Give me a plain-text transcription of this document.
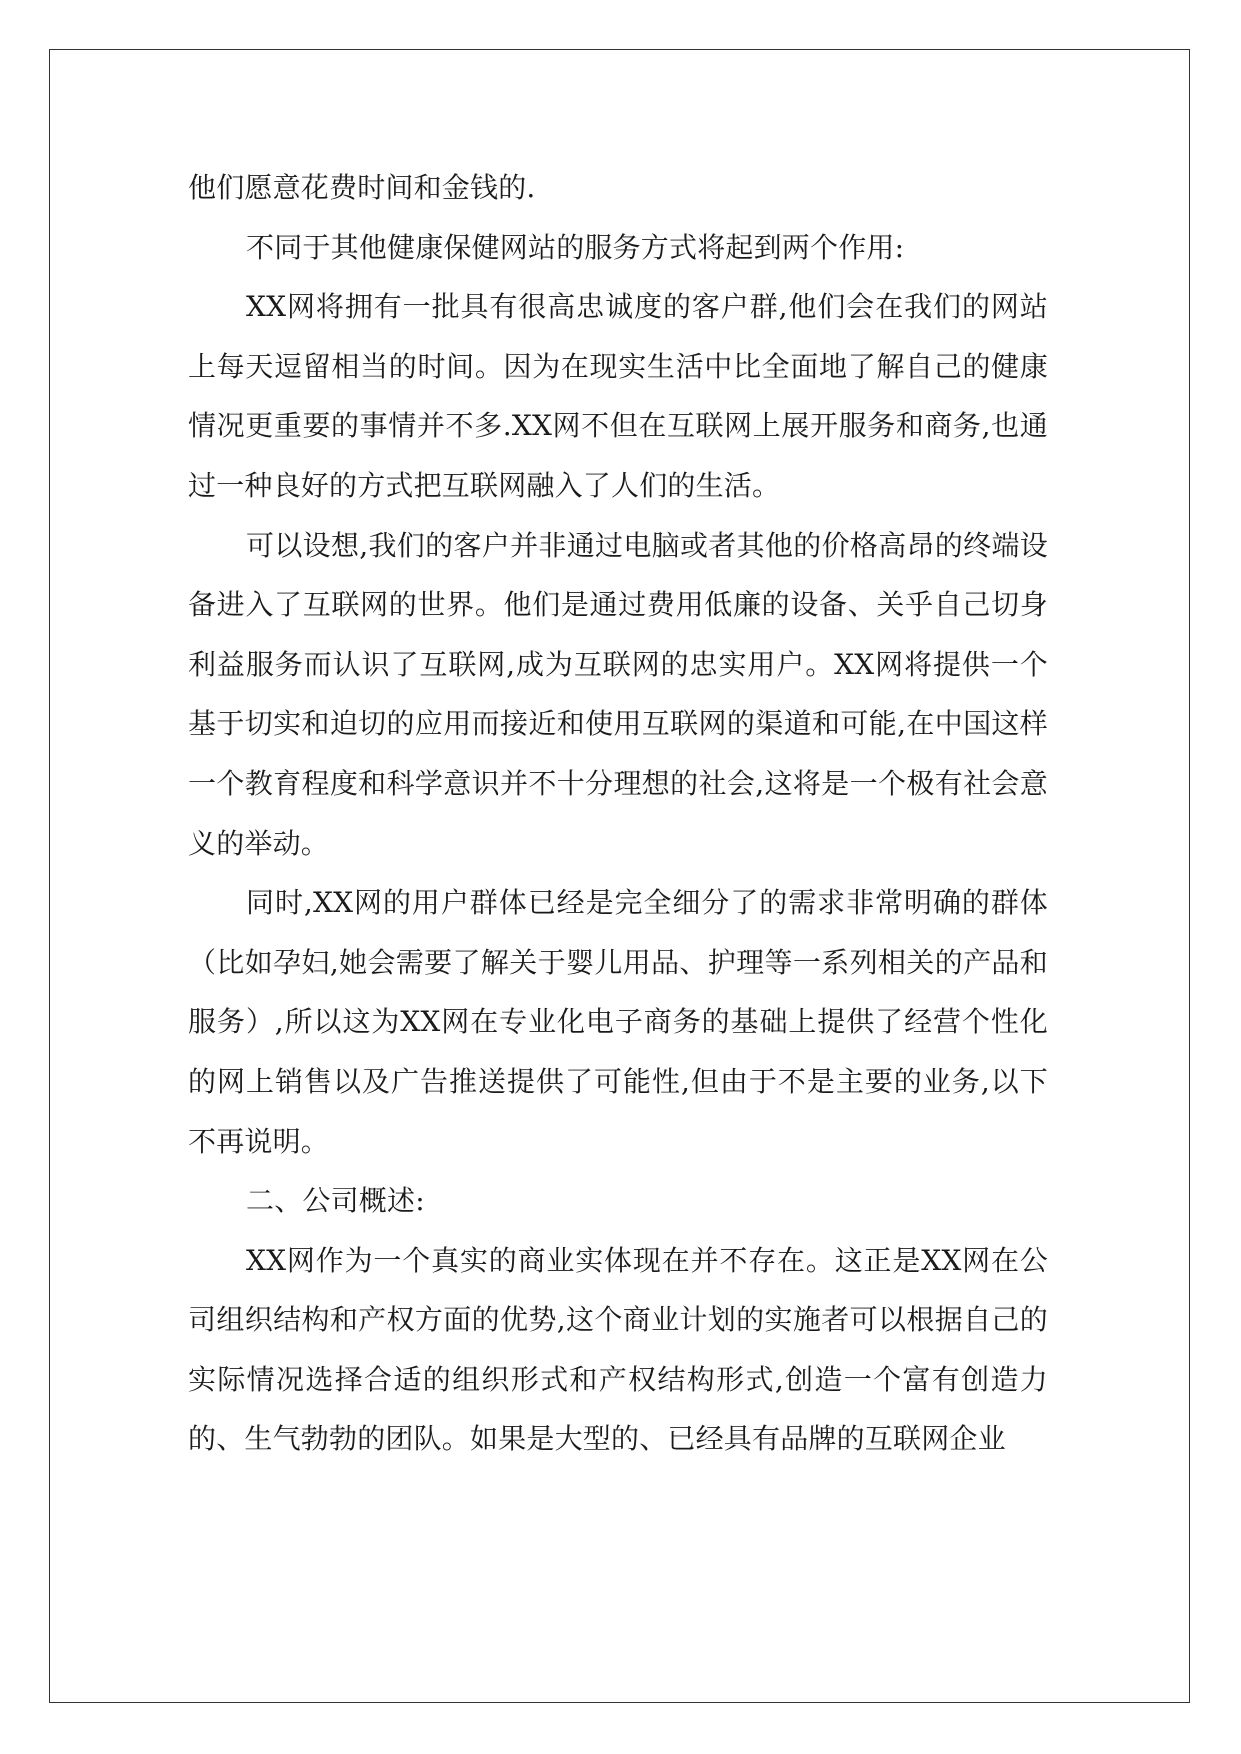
他们愿意花费时间和金钱的.

不同于其他健康保健网站的服务方式将起到两个作用:

XX网将拥有一批具有很高忠诚度的客户群,他们会在我们的网站上每天逗留相当的时间。因为在现实生活中比全面地了解自己的健康情况更重要的事情并不多.XX网不但在互联网上展开服务和商务,也通过一种良好的方式把互联网融入了人们的生活。

可以设想,我们的客户并非通过电脑或者其他的价格高昂的终端设备进入了互联网的世界。他们是通过费用低廉的设备、关乎自己切身利益服务而认识了互联网,成为互联网的忠实用户。XX网将提供一个基于切实和迫切的应用而接近和使用互联网的渠道和可能,在中国这样一个教育程度和科学意识并不十分理想的社会,这将是一个极有社会意义的举动。

同时,XX网的用户群体已经是完全细分了的需求非常明确的群体（比如孕妇,她会需要了解关于婴儿用品、护理等一系列相关的产品和服务）,所以这为XX网在专业化电子商务的基础上提供了经营个性化的网上销售以及广告推送提供了可能性,但由于不是主要的业务,以下不再说明。

二、公司概述:

XX网作为一个真实的商业实体现在并不存在。这正是XX网在公司组织结构和产权方面的优势,这个商业计划的实施者可以根据自己的实际情况选择合适的组织形式和产权结构形式,创造一个富有创造力的、生气勃勃的团队。如果是大型的、已经具有品牌的互联网企业
